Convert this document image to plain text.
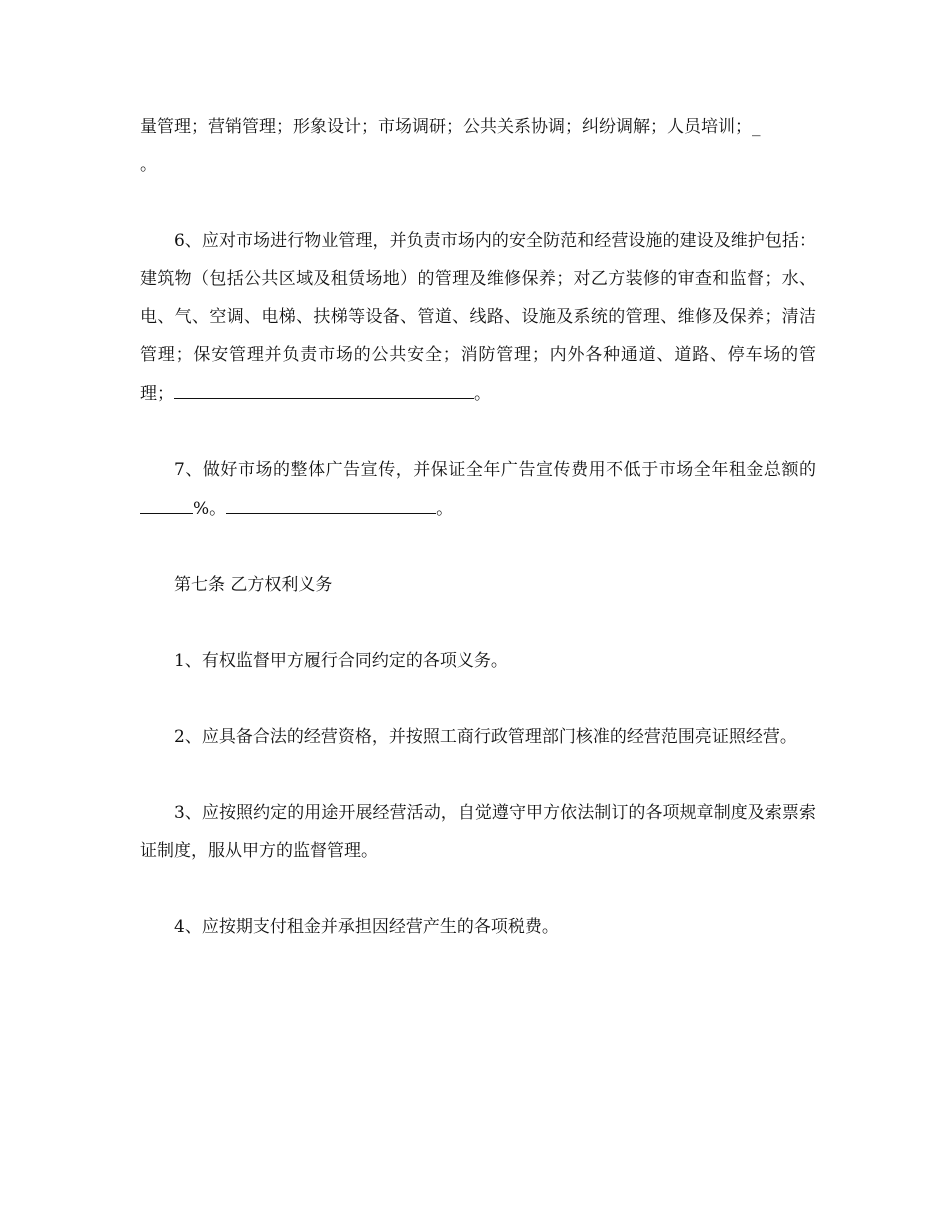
量管理；营销管理；形象设计；市场调研；公共关系协调；纠纷调解；人员培训；_
。

6、应对市场进行物业管理，并负责市场内的安全防范和经营设施的建设及维护包括：建筑物（包括公共区域及租赁场地）的管理及维修保养；对乙方装修的审查和监督；水、电、气、空调、电梯、扶梯等设备、管道、线路、设施及系统的管理、维修及保养；清洁管理；保安管理并负责市场的公共安全；消防管理；内外各种通道、道路、停车场的管理；	。

7、做好市场的整体广告宣传，并保证全年广告宣传费用不低于市场全年租金总额的%。	。

第七条 乙方权利义务

1、有权监督甲方履行合同约定的各项义务。

2、应具备合法的经营资格，并按照工商行政管理部门核准的经营范围亮证照经营。

3、应按照约定的用途开展经营活动，自觉遵守甲方依法制订的各项规章制度及索票索证制度，服从甲方的监督管理。

4、应按期支付租金并承担因经营产生的各项税费。
